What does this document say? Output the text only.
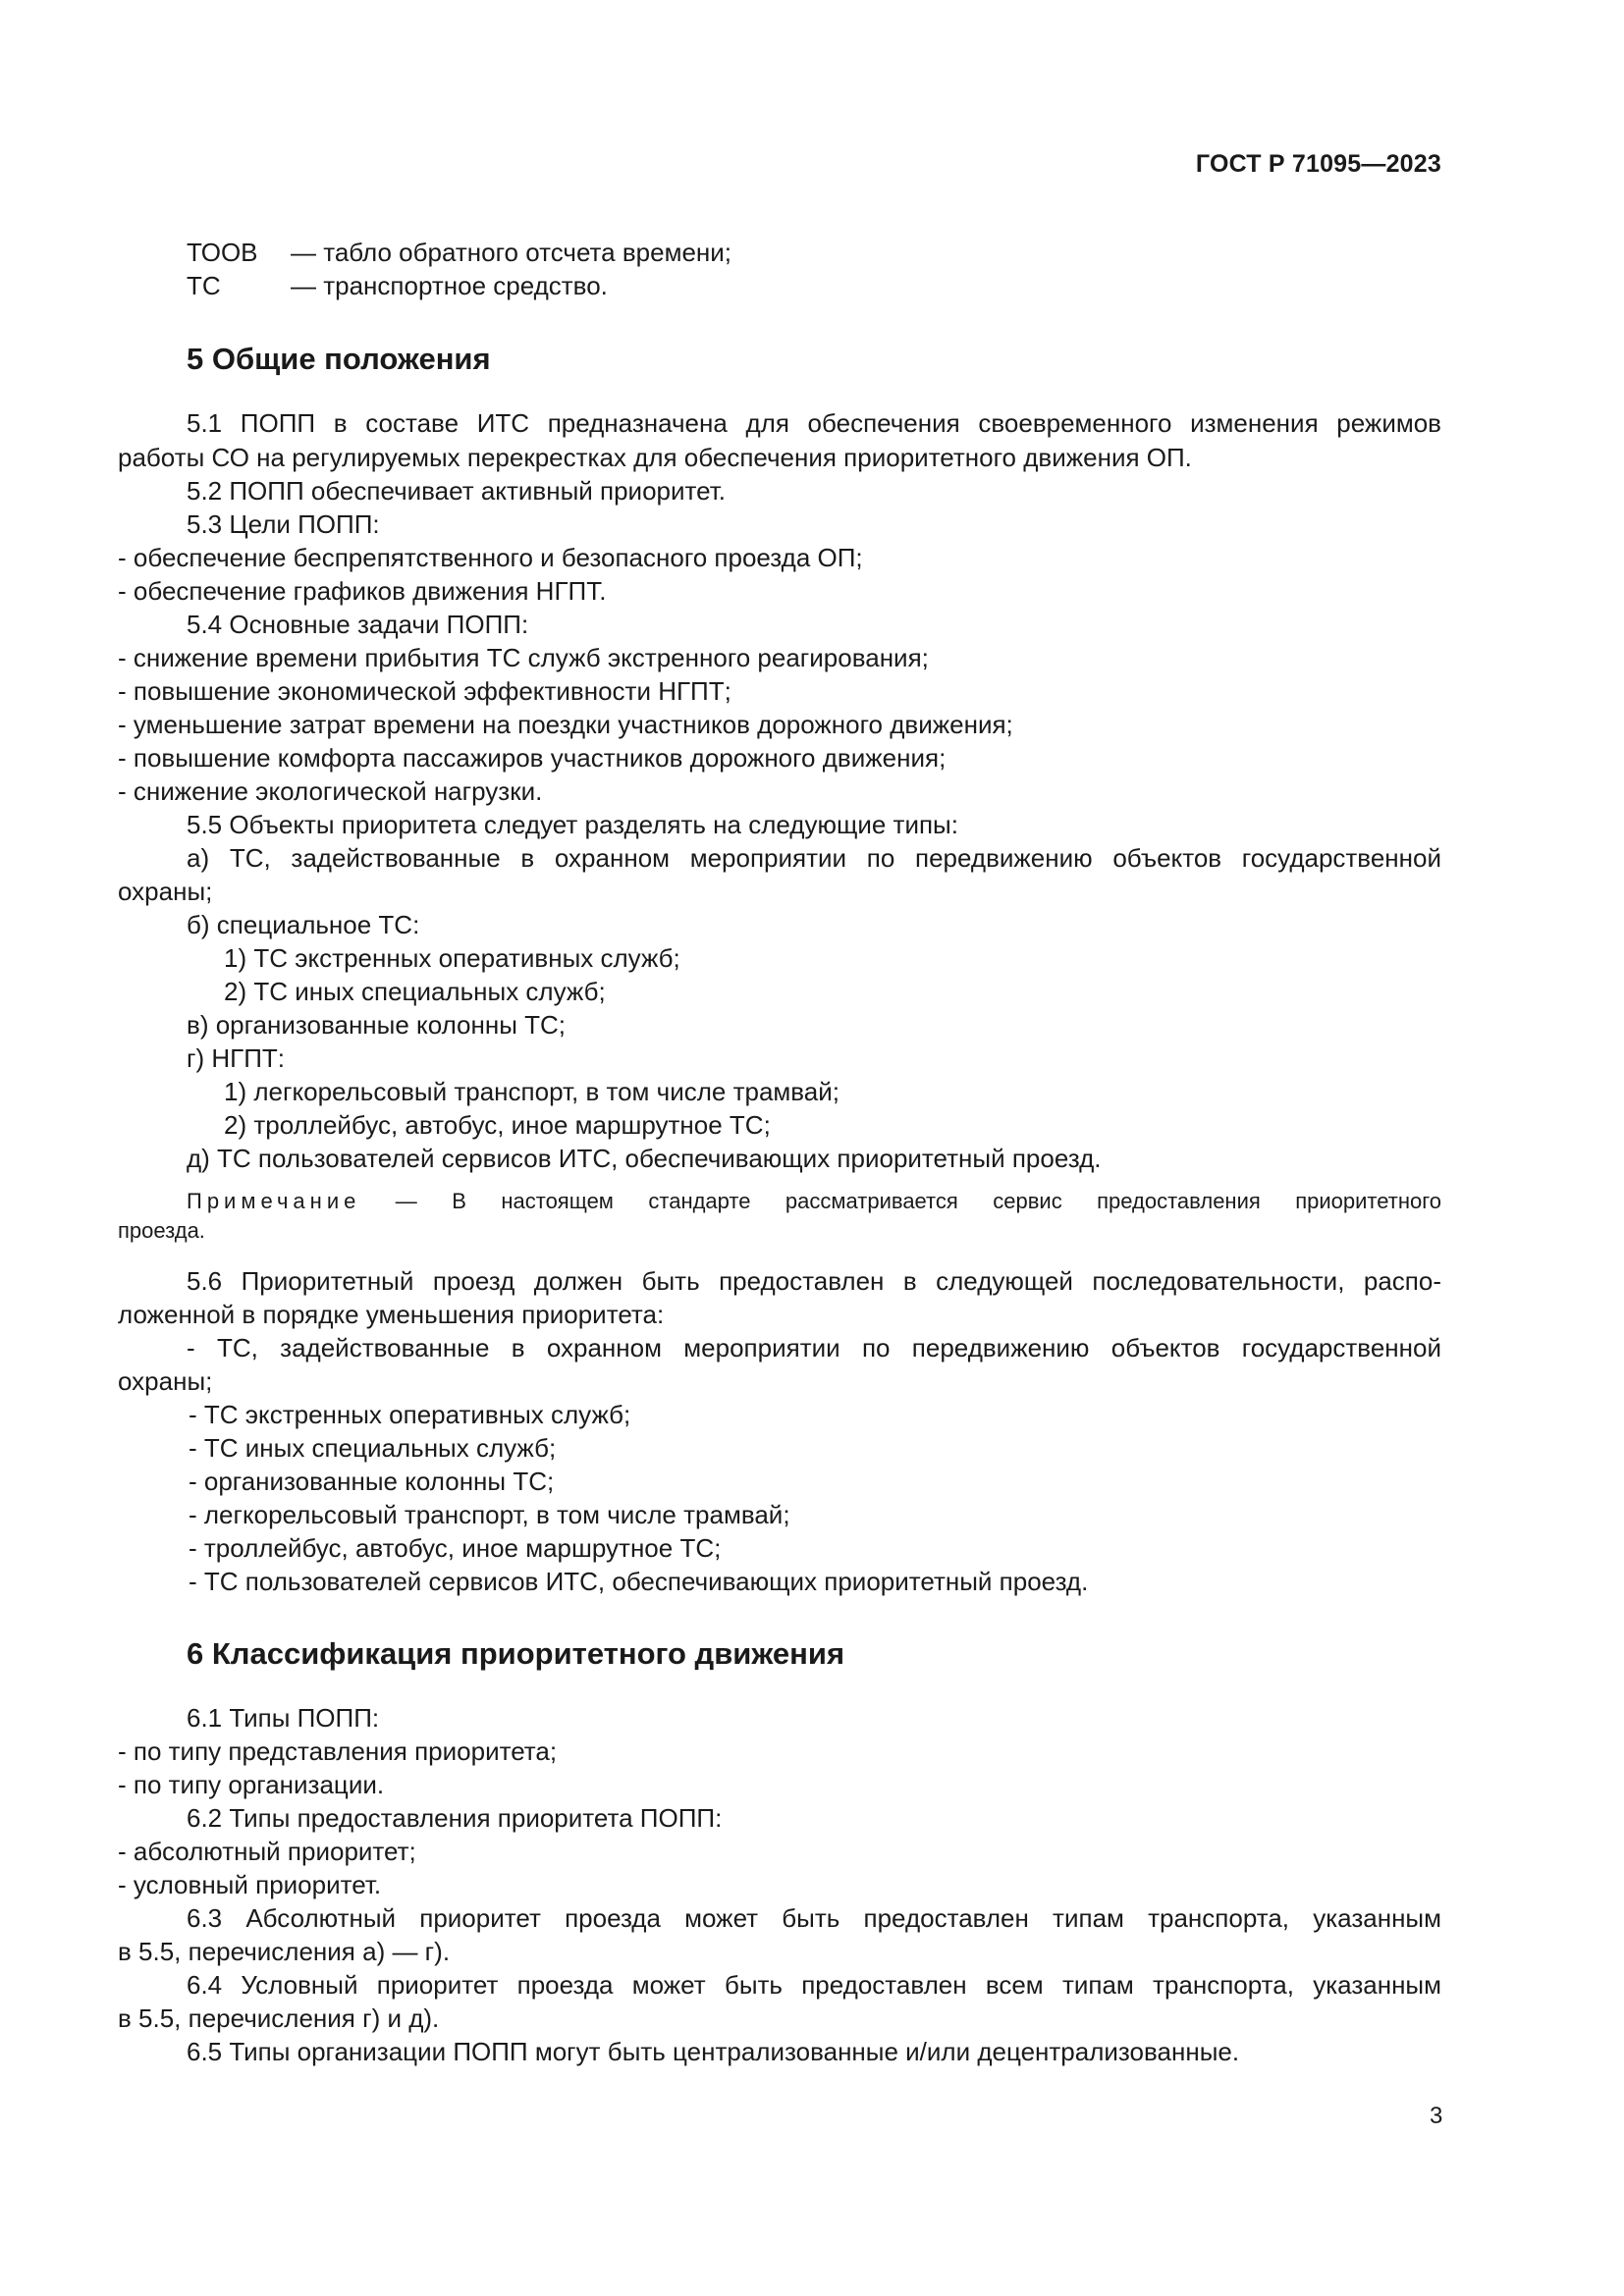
ГОСТ Р 71095—2023
ТООВ — табло обратного отсчета времени;
ТС	— транспортное средство.
5 Общие положения
5.1 ПОПП в составе ИТС предназначена для обеспечения своевременного изменения режимов
работы СО на регулируемых перекрестках для обеспечения приоритетного движения ОП.
5.2 ПОПП обеспечивает активный приоритет.
5.3 Цели ПОПП:
- обеспечение беспрепятственного и безопасного проезда ОП;
- обеспечение графиков движения НГПТ.
5.4 Основные задачи ПОПП:
- снижение времени прибытия ТС служб экстренного реагирования;
- повышение экономической эффективности НГПТ;
- уменьшение затрат времени на поездки участников дорожного движения;
- повышение комфорта пассажиров участников дорожного движения;
- снижение экологической нагрузки.
5.5 Объекты приоритета следует разделять на следующие типы:
а) ТС, задействованные в охранном мероприятии по передвижению объектов государственной
охраны;
б) специальное ТС:
1) ТС экстренных оперативных служб;
2) ТС иных специальных служб;
в) организованные колонны ТС;
г) НГПТ:
1) легкорельсовый транспорт, в том числе трамвай;
2) троллейбус, автобус, иное маршрутное ТС;
д) ТС пользователей сервисов ИТС, обеспечивающих приоритетный проезд.
Примечание — В настоящем стандарте рассматривается сервис предоставления приоритетного
проезда.
5.6 Приоритетный проезд должен быть предоставлен в следующей последовательности, распо-
ложенной в порядке уменьшения приоритета:
- ТС, задействованные в охранном мероприятии по передвижению объектов государственной
охраны;
- ТС экстренных оперативных служб;
- ТС иных специальных служб;
- организованные колонны ТС;
- легкорельсовый транспорт, в том числе трамвай;
- троллейбус, автобус, иное маршрутное ТС;
- ТС пользователей сервисов ИТС, обеспечивающих приоритетный проезд.
6 Классификация приоритетного движения
6.1 Типы ПОПП:
- по типу представления приоритета;
- по типу организации.
6.2 Типы предоставления приоритета ПОПП:
- абсолютный приоритет;
- условный приоритет.
6.3 Абсолютный приоритет проезда может быть предоставлен типам транспорта, указанным
в 5.5, перечисления а) — г).
6.4 Условный приоритет проезда может быть предоставлен всем типам транспорта, указанным
в 5.5, перечисления г) и д).
6.5 Типы организации ПОПП могут быть централизованные и/или децентрализованные.
3
